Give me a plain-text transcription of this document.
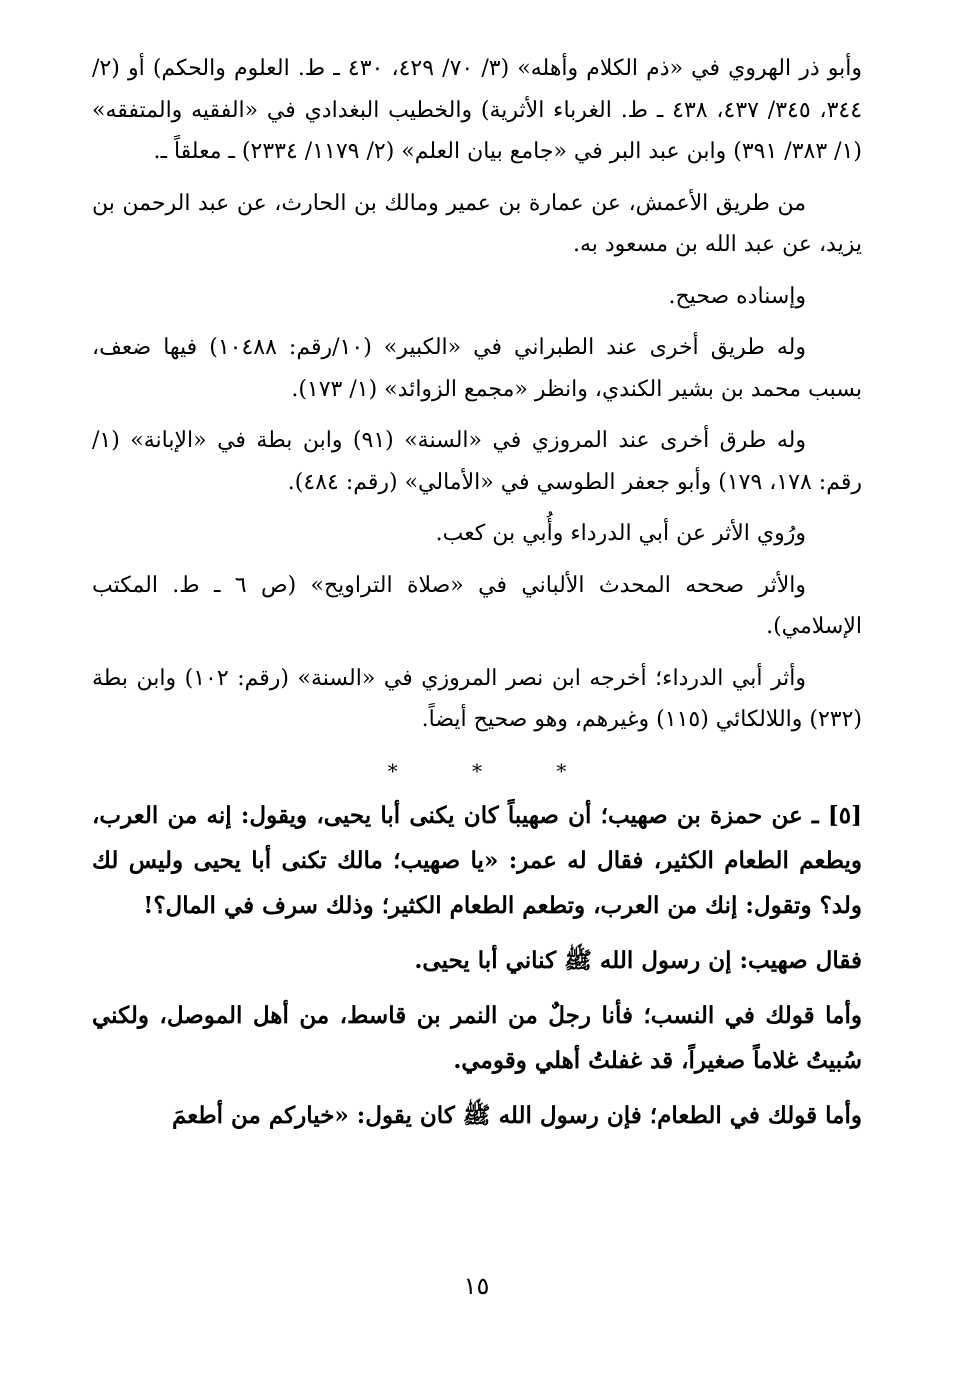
وأبو ذر الهروي في «ذم الكلام وأهله» (٣/ ٧٠/ ٤٢٩، ٤٣٠ ـ ط. العلوم والحكم) أو (٢/ ٣٤٤، ٣٤٥/ ٤٣٧، ٤٣٨ ـ ط. الغرباء الأثرية) والخطيب البغدادي في «الفقيه والمتفقه» (١/ ٣٨٣/ ٣٩١) وابن عبد البر في «جامع بيان العلم» (٢/ ١١٧٩/ ٢٣٣٤) ـ معلقاً ـ.

من طريق الأعمش، عن عمارة بن عمير ومالك بن الحارث، عن عبد الرحمن بن يزيد، عن عبد الله بن مسعود به.

وإسناده صحيح.

وله طريق أخرى عند الطبراني في «الكبير» (١٠/رقم: ١٠٤٨٨) فيها ضعف، بسبب محمد بن بشير الكندي، وانظر «مجمع الزوائد» (١/ ١٧٣).

وله طرق أخرى عند المروزي في «السنة» (٩١) وابن بطة في «الإبانة» (١/ رقم: ١٧٨، ١٧٩) وأبو جعفر الطوسي في «الأمالي» (رقم: ٤٨٤).

ورُوي الأثر عن أبي الدرداء وأُبي بن كعب.

والأثر صححه المحدث الألباني في «صلاة التراويح» (ص ٦ ـ ط. المكتب الإسلامي).

وأثر أبي الدرداء؛ أخرجه ابن نصر المروزي في «السنة» (رقم: ١٠٢) وابن بطة (٢٣٢) واللالكائي (١١٥) وغيرهم، وهو صحيح أيضاً.

* * *

[٥] ـ عن حمزة بن صهيب؛ أن صهيباً كان يكنى أبا يحيى، ويقول: إنه من العرب، ويطعم الطعام الكثير، فقال له عمر: «يا صهيب؛ مالك تكنى أبا يحيى وليس لك ولد؟ وتقول: إنك من العرب، وتطعم الطعام الكثير؛ وذلك سرف في المال؟!

فقال صهيب: إن رسول الله ﷺ كناني أبا يحيى.

وأما قولك في النسب؛ فأنا رجلٌ من النمر بن قاسط، من أهل الموصل، ولكني سُبيتُ غلاماً صغيراً، قد غفلتُ أهلي وقومي.

وأما قولك في الطعام؛ فإن رسول الله ﷺ كان يقول: «خياركم من أطعمَ

١٥
